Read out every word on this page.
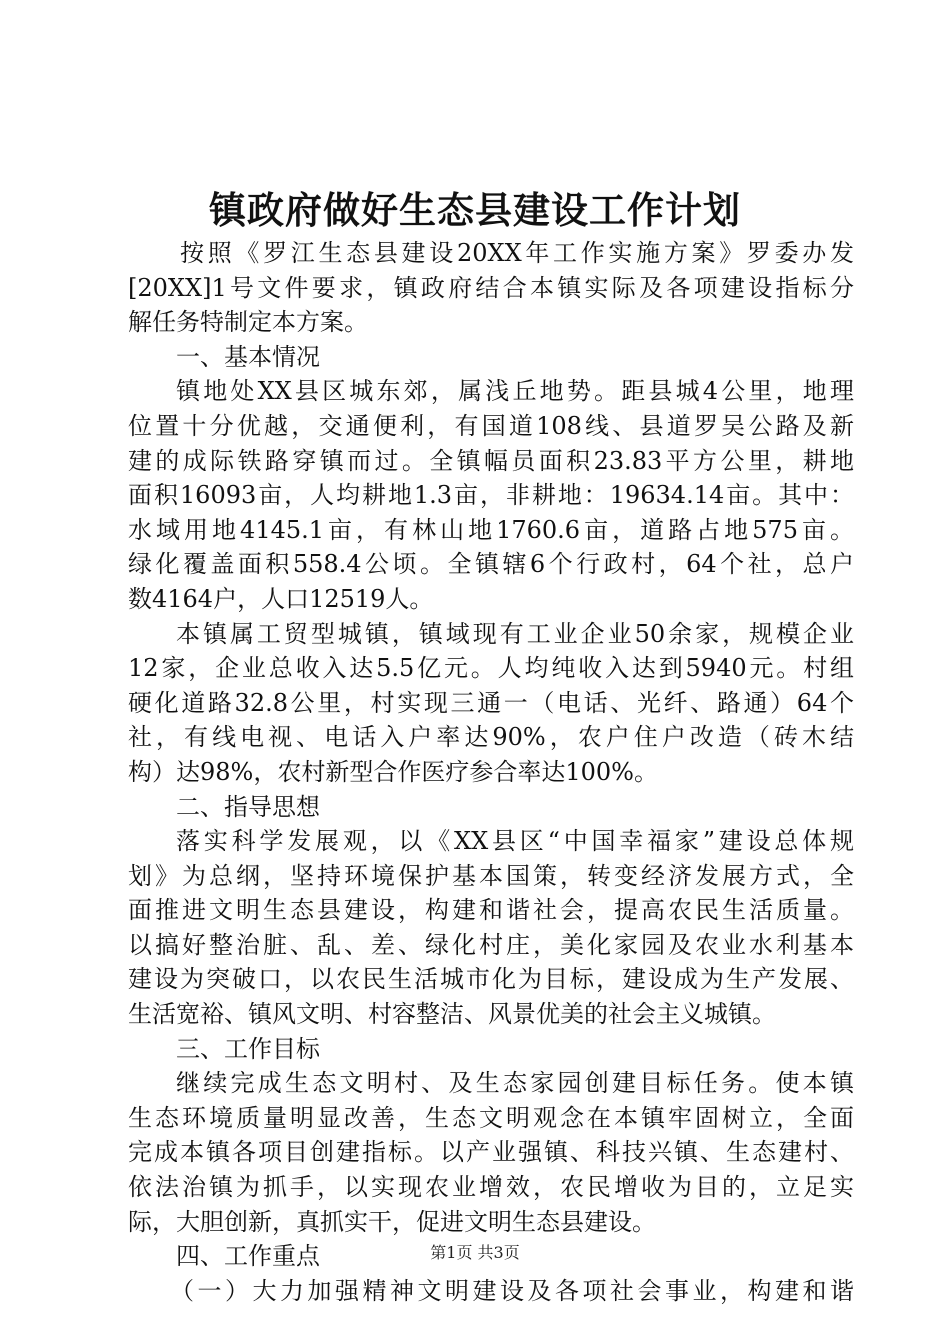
镇政府做好生态县建设工作计划
按照《罗江生态县建设20XX年工作实施方案》罗委办发
[20XX]1号文件要求，镇政府结合本镇实际及各项建设指标分
解任务特制定本方案。
一、基本情况
镇地处XX县区城东郊，属浅丘地势。距县城4公里，地理
位置十分优越，交通便利，有国道108线、县道罗吴公路及新
建的成际铁路穿镇而过。全镇幅员面积23.83平方公里，耕地
面积16093亩，人均耕地1.3亩，非耕地：19634.14亩。其中：
水域用地4145.1亩，有林山地1760.6亩，道路占地575亩。
绿化覆盖面积558.4公顷。全镇辖6个行政村，64个社，总户
数4164户，人口12519人。
本镇属工贸型城镇，镇域现有工业企业50余家，规模企业
12家，企业总收入达5.5亿元。人均纯收入达到5940元。村组
硬化道路32.8公里，村实现三通一（电话、光纤、路通）64个
社，有线电视、电话入户率达90%，农户住户改造（砖木结
构）达98%，农村新型合作医疗参合率达100%。
二、指导思想
落实科学发展观，以《XX县区“中国幸福家”建设总体规
划》为总纲，坚持环境保护基本国策，转变经济发展方式，全
面推进文明生态县建设，构建和谐社会，提高农民生活质量。
以搞好整治脏、乱、差、绿化村庄，美化家园及农业水利基本
建设为突破口，以农民生活城市化为目标，建设成为生产发展、
生活宽裕、镇风文明、村容整洁、风景优美的社会主义城镇。
三、工作目标
继续完成生态文明村、及生态家园创建目标任务。使本镇
生态环境质量明显改善，生态文明观念在本镇牢固树立，全面
完成本镇各项目创建指标。以产业强镇、科技兴镇、生态建村、
依法治镇为抓手，以实现农业增效，农民增收为目的，立足实
际，大胆创新，真抓实干，促进文明生态县建设。
四、工作重点
（一）大力加强精神文明建设及各项社会事业，构建和谐
第1页 共3页
